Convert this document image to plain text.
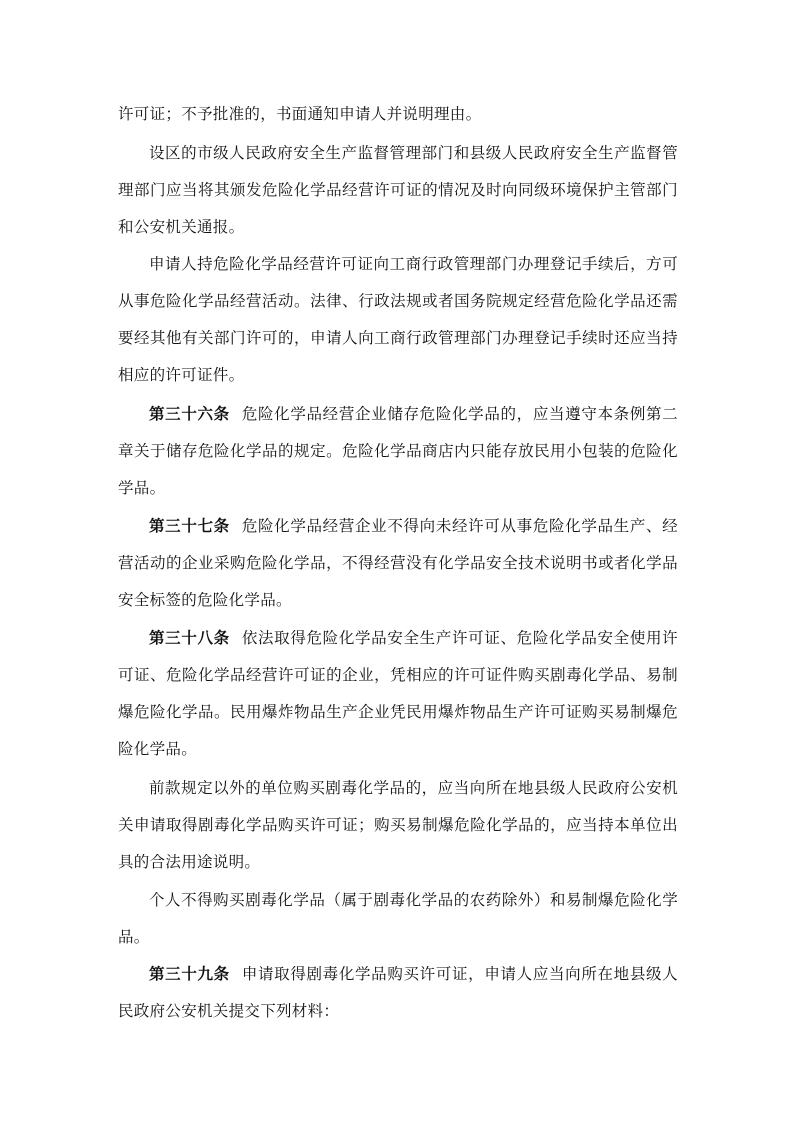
许可证；不予批准的，书面通知申请人并说明理由。

设区的市级人民政府安全生产监督管理部门和县级人民政府安全生产监督管理部门应当将其颁发危险化学品经营许可证的情况及时向同级环境保护主管部门和公安机关通报。

申请人持危险化学品经营许可证向工商行政管理部门办理登记手续后，方可从事危险化学品经营活动。法律、行政法规或者国务院规定经营危险化学品还需要经其他有关部门许可的，申请人向工商行政管理部门办理登记手续时还应当持相应的许可证件。

第三十六条 危险化学品经营企业储存危险化学品的，应当遵守本条例第二章关于储存危险化学品的规定。危险化学品商店内只能存放民用小包装的危险化学品。

第三十七条 危险化学品经营企业不得向未经许可从事危险化学品生产、经营活动的企业采购危险化学品，不得经营没有化学品安全技术说明书或者化学品安全标签的危险化学品。

第三十八条 依法取得危险化学品安全生产许可证、危险化学品安全使用许可证、危险化学品经营许可证的企业，凭相应的许可证件购买剧毒化学品、易制爆危险化学品。民用爆炸物品生产企业凭民用爆炸物品生产许可证购买易制爆危险化学品。

前款规定以外的单位购买剧毒化学品的，应当向所在地县级人民政府公安机关申请取得剧毒化学品购买许可证；购买易制爆危险化学品的，应当持本单位出具的合法用途说明。

个人不得购买剧毒化学品（属于剧毒化学品的农药除外）和易制爆危险化学品。

第三十九条 申请取得剧毒化学品购买许可证，申请人应当向所在地县级人民政府公安机关提交下列材料：
